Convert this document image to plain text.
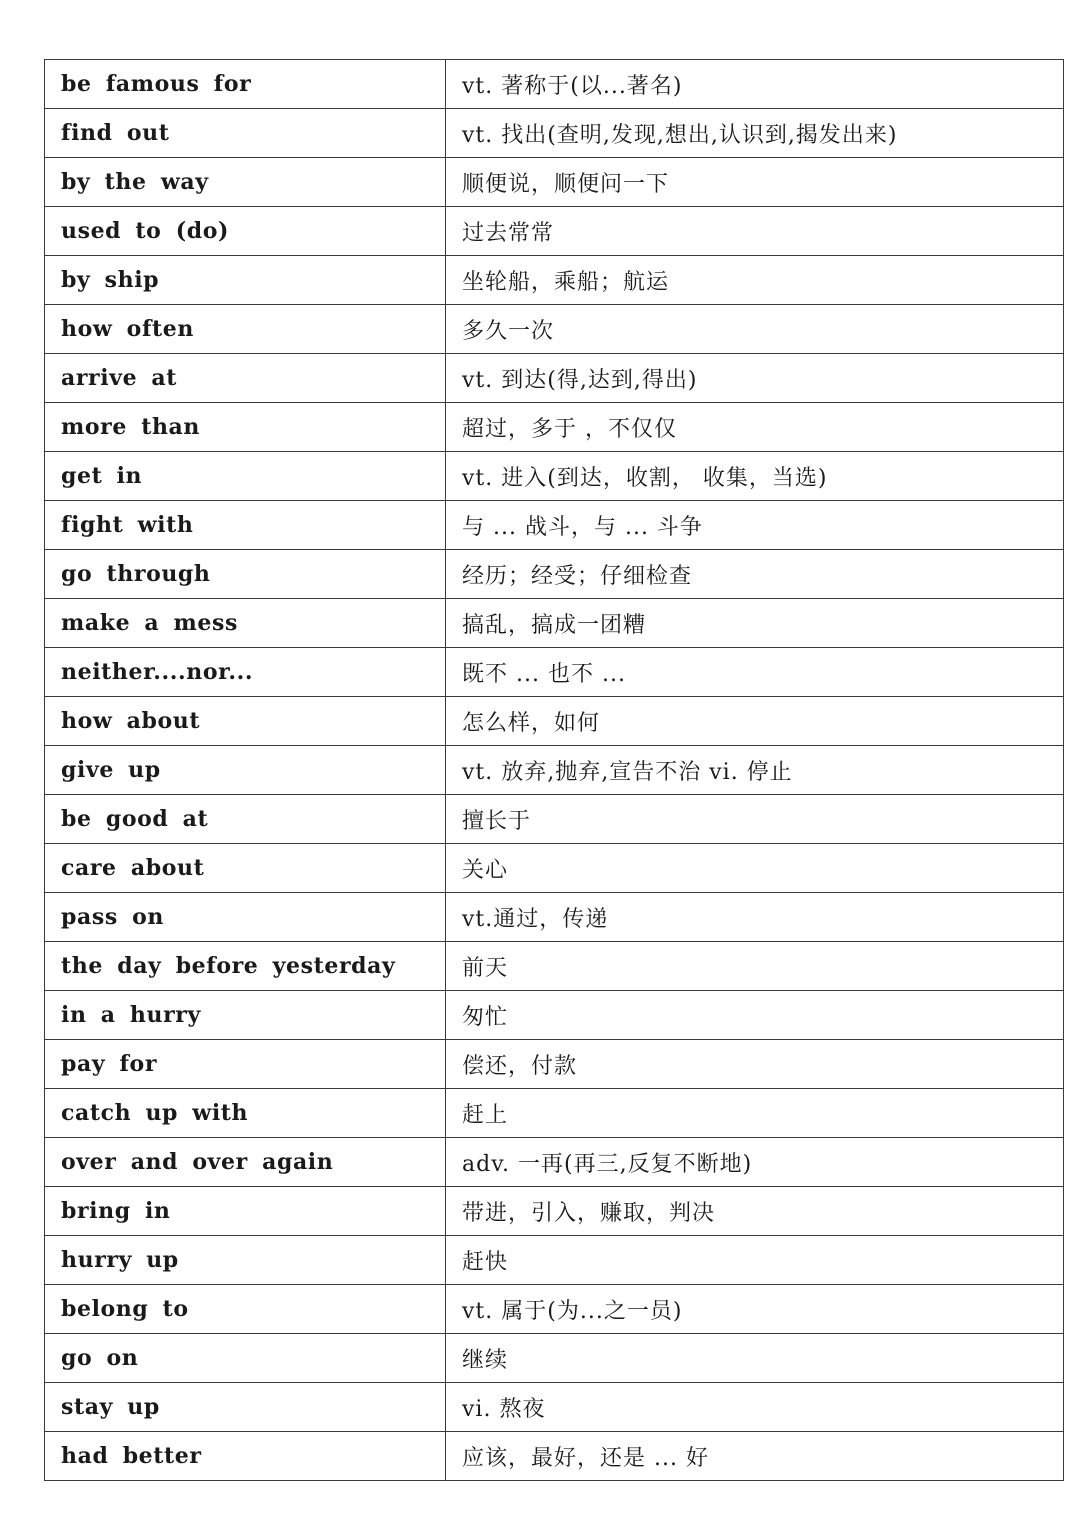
be famous for	vt. 著称于(以...著名)
find out	vt. 找出(查明,发现,想出,认识到,揭发出来)
by the way	顺便说，顺便问一下
used to (do)	过去常常
by ship	坐轮船，乘船；航运
how often	多久一次
arrive at	vt. 到达(得,达到,得出)
more than	超过，多于 ，不仅仅
get in	vt. 进入(到达，收割， 收集，当选)
fight with	与 ... 战斗，与 ... 斗争
go through	经历；经受；仔细检查
make a mess	搞乱，搞成一团糟
neither....nor...	既不 ... 也不 ...
how about	怎么样，如何
give up	vt. 放弃,抛弃,宣告不治 vi. 停止
be good at	擅长于
care about	关心
pass on	vt.通过，传递
the day before yesterday	前天
in a hurry	匆忙
pay for	偿还，付款
catch up with	赶上
over and over again	adv. 一再(再三,反复不断地)
bring in	带进，引入，赚取，判决
hurry up	赶快
belong to	vt. 属于(为...之一员)
go on	继续
stay up	vi. 熬夜
had better	应该，最好，还是 ... 好
